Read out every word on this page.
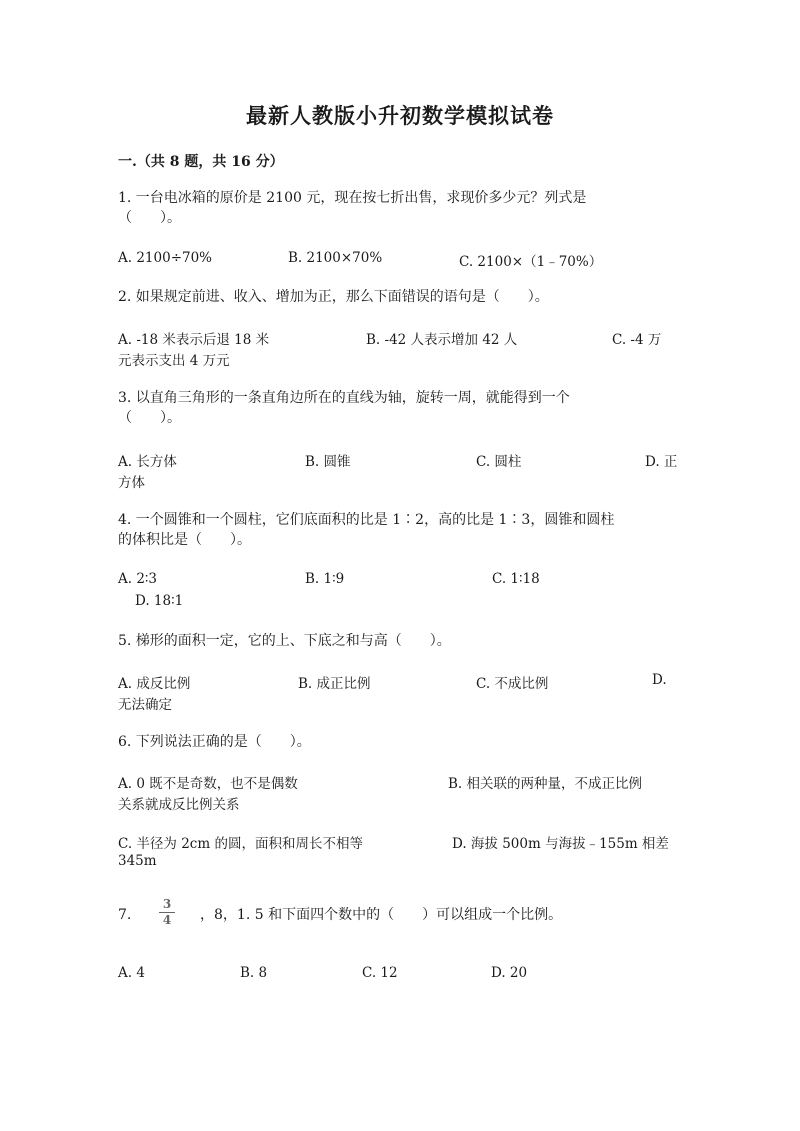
最新人教版小升初数学模拟试卷
一.（共 8 题，共 16 分）
1. 一台电冰箱的原价是 2100 元，现在按七折出售，求现价多少元？列式是
（　　）。
A. 2100÷70%	B. 2100×70%	C. 2100×（1﹣70%）
2. 如果规定前进、收入、增加为正，那么下面错误的语句是（　　）。
A. -18 米表示后退 18 米	B. -42 人表示增加 42 人	C. -4 万
元表示支出 4 万元
3. 以直角三角形的一条直角边所在的直线为轴，旋转一周，就能得到一个
（　　）。
A. 长方体	B. 圆锥	C. 圆柱	D. 正
方体
4. 一个圆锥和一个圆柱，它们底面积的比是 1∶2，高的比是 1∶3，圆锥和圆柱
的体积比是（　　）。
A. 2∶3	B. 1∶9	C. 1∶18
D. 18∶1
5. 梯形的面积一定，它的上、下底之和与高（　　）。
A. 成反比例	B. 成正比例	C. 不成比例	D.
无法确定
6. 下列说法正确的是（　　）。
A. 0 既不是奇数，也不是偶数	B. 相关联的两种量，不成正比例
关系就成反比例关系
C. 半径为 2cm 的圆，面积和周长不相等	D. 海拔 500m 与海拔﹣155m 相差
345m
7.
3
4 ，8，1. 5 和下面四个数中的（　　）可以组成一个比例。
A. 4	B. 8	C. 12	D. 20
